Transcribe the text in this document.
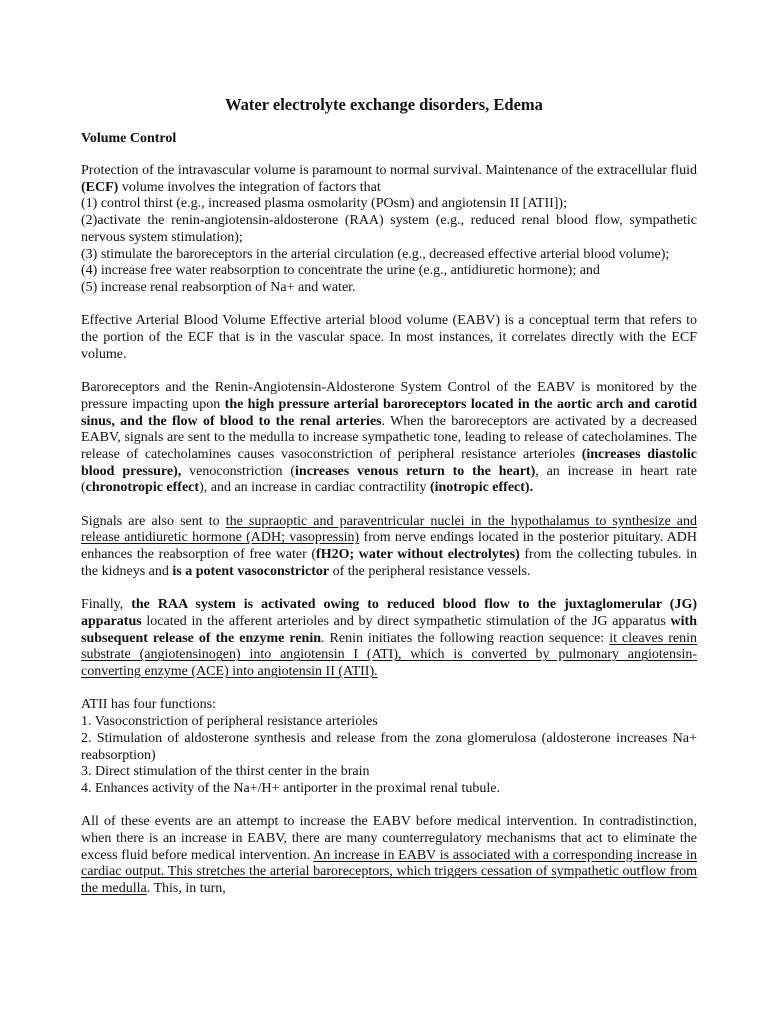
Water electrolyte exchange disorders, Edema
Volume Control

Protection of the intravascular volume is paramount to normal survival. Maintenance of the extracellular fluid (ECF) volume involves the integration of factors that
(1) control thirst (e.g., increased plasma osmolarity (POsm) and angiotensin II [ATII]);
(2)activate the renin-angiotensin-aldosterone (RAA) system (e.g., reduced renal blood flow, sympathetic nervous system stimulation);
(3) stimulate the baroreceptors in the arterial circulation (e.g., decreased effective arterial blood volume);
(4) increase free water reabsorption to concentrate the urine (e.g., antidiuretic hormone); and
(5) increase renal reabsorption of Na+ and water.

Effective Arterial Blood Volume Effective arterial blood volume (EABV) is a conceptual term that refers to the portion of the ECF that is in the vascular space. In most instances, it correlates directly with the ECF volume.

Baroreceptors and the Renin-Angiotensin-Aldosterone System Control of the EABV is monitored by the pressure impacting upon the high pressure arterial baroreceptors located in the aortic arch and carotid sinus, and the flow of blood to the renal arteries. When the baroreceptors are activated by a decreased EABV, signals are sent to the medulla to increase sympathetic tone, leading to release of catecholamines. The release of catecholamines causes vasoconstriction of peripheral resistance arterioles (increases diastolic blood pressure), venoconstriction (increases venous return to the heart), an increase in heart rate (chronotropic effect), and an increase in cardiac contractility (inotropic effect).

Signals are also sent to the supraoptic and paraventricular nuclei in the hypothalamus to synthesize and release antidiuretic hormone (ADH; vasopressin) from nerve endings located in the posterior pituitary. ADH enhances the reabsorption of free water (fH2O; water without electrolytes) from the collecting tubules. in the kidneys and is a potent vasoconstrictor of the peripheral resistance vessels.

Finally, the RAA system is activated owing to reduced blood flow to the juxtaglomerular (JG) apparatus located in the afferent arterioles and by direct sympathetic stimulation of the JG apparatus with subsequent release of the enzyme renin. Renin initiates the following reaction sequence: it cleaves renin substrate (angiotensinogen) into angiotensin I (ATI), which is converted by pulmonary angiotensin-converting enzyme (ACE) into angiotensin II (ATII).

ATII has four functions:
1. Vasoconstriction of peripheral resistance arterioles
2. Stimulation of aldosterone synthesis and release from the zona glomerulosa (aldosterone increases Na+ reabsorption)
3. Direct stimulation of the thirst center in the brain
4. Enhances activity of the Na+/H+ antiporter in the proximal renal tubule.

All of these events are an attempt to increase the EABV before medical intervention. In contradistinction, when there is an increase in EABV, there are many counterregulatory mechanisms that act to eliminate the excess fluid before medical intervention. An increase in EABV is associated with a corresponding increase in cardiac output. This stretches the arterial baroreceptors, which triggers cessation of sympathetic outflow from the medulla. This, in turn,
